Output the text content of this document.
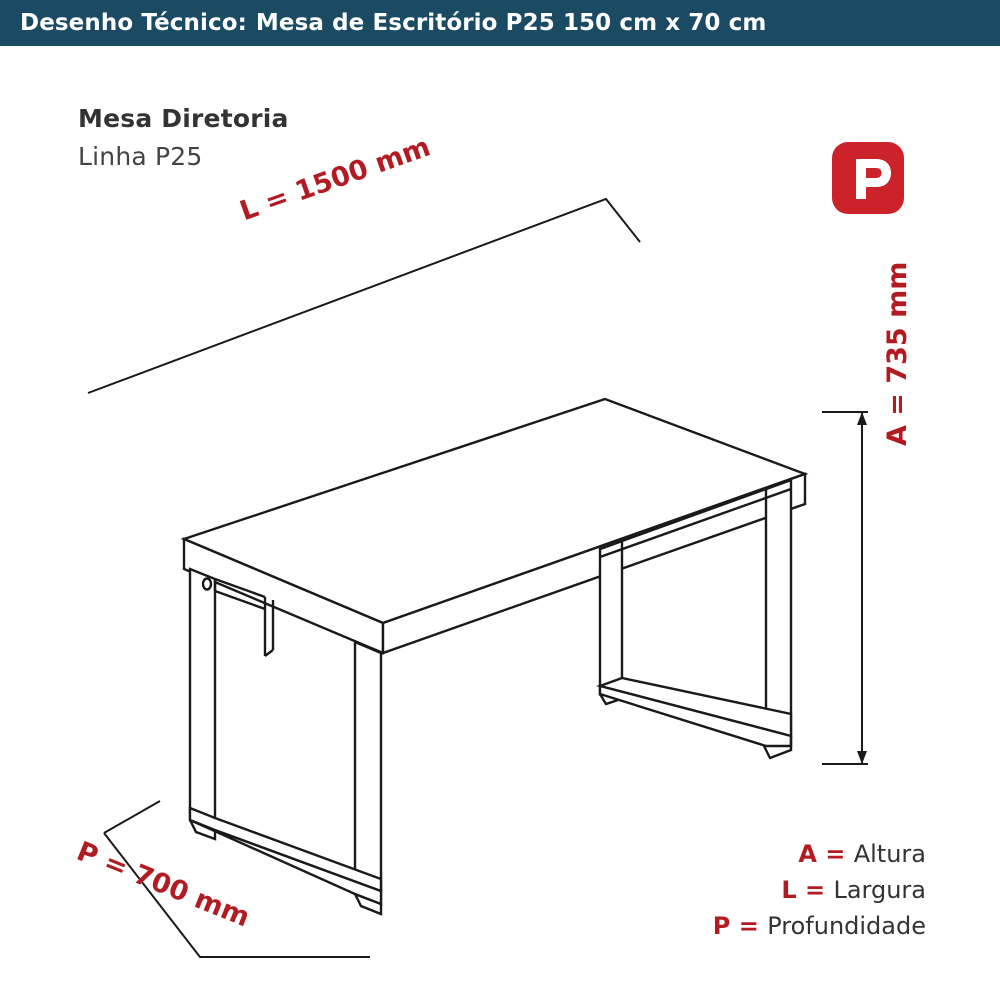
Desenho Técnico: Mesa de Escritório P25 150 cm x 70 cm
Mesa Diretoria
Linha P25 L = 1500 mm
P = 700 mm
A = 735 mm
A = Altura
L = Largura
P = Profundidade
